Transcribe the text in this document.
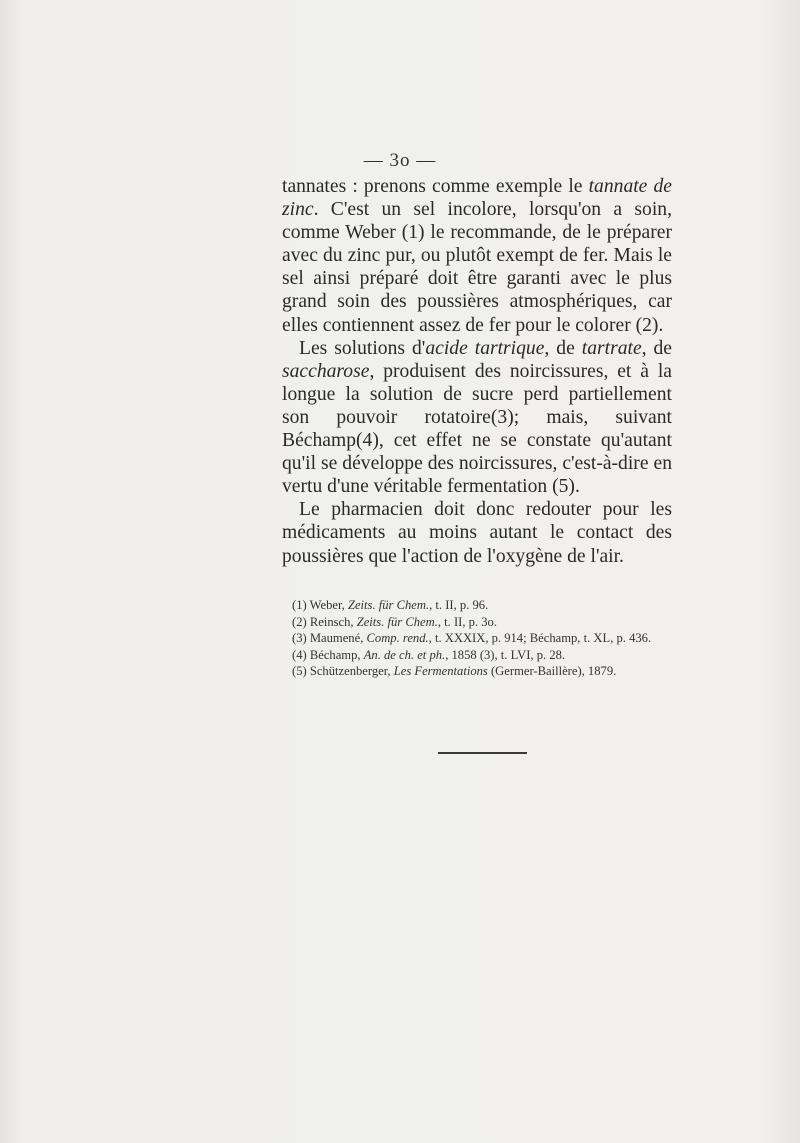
— 3o —

tannates : prenons comme exemple le tannate de zinc. C'est un sel incolore, lorsqu'on a soin, comme Weber (1) le recommande, de le préparer avec du zinc pur, ou plutôt exempt de fer. Mais le sel ainsi préparé doit être garanti avec le plus grand soin des poussières atmosphériques, car elles contiennent assez de fer pour le colorer (2).

Les solutions d'acide tartrique, de tartrate, de saccharose, produisent des noircissures, et à la longue la solution de sucre perd partiellement son pouvoir rotatoire(3); mais, suivant Béchamp(4), cet effet ne se constate qu'autant qu'il se développe des noircissures, c'est-à-dire en vertu d'une véritable fermentation (5).

Le pharmacien doit donc redouter pour les médicaments au moins autant le contact des poussières que l'action de l'oxygène de l'air.

(1) Weber, Zeits. für Chem., t. II, p. 96.
(2) Reinsch, Zeits. für Chem., t. II, p. 3o.
(3) Maumené, Comp. rend., t. XXXIX, p. 914; Béchamp, t. XL, p. 436.
(4) Béchamp, An. de ch. et ph., 1858 (3), t. LVI, p. 28.
(5) Schützenberger, Les Fermentations (Germer-Baillère), 1879.
